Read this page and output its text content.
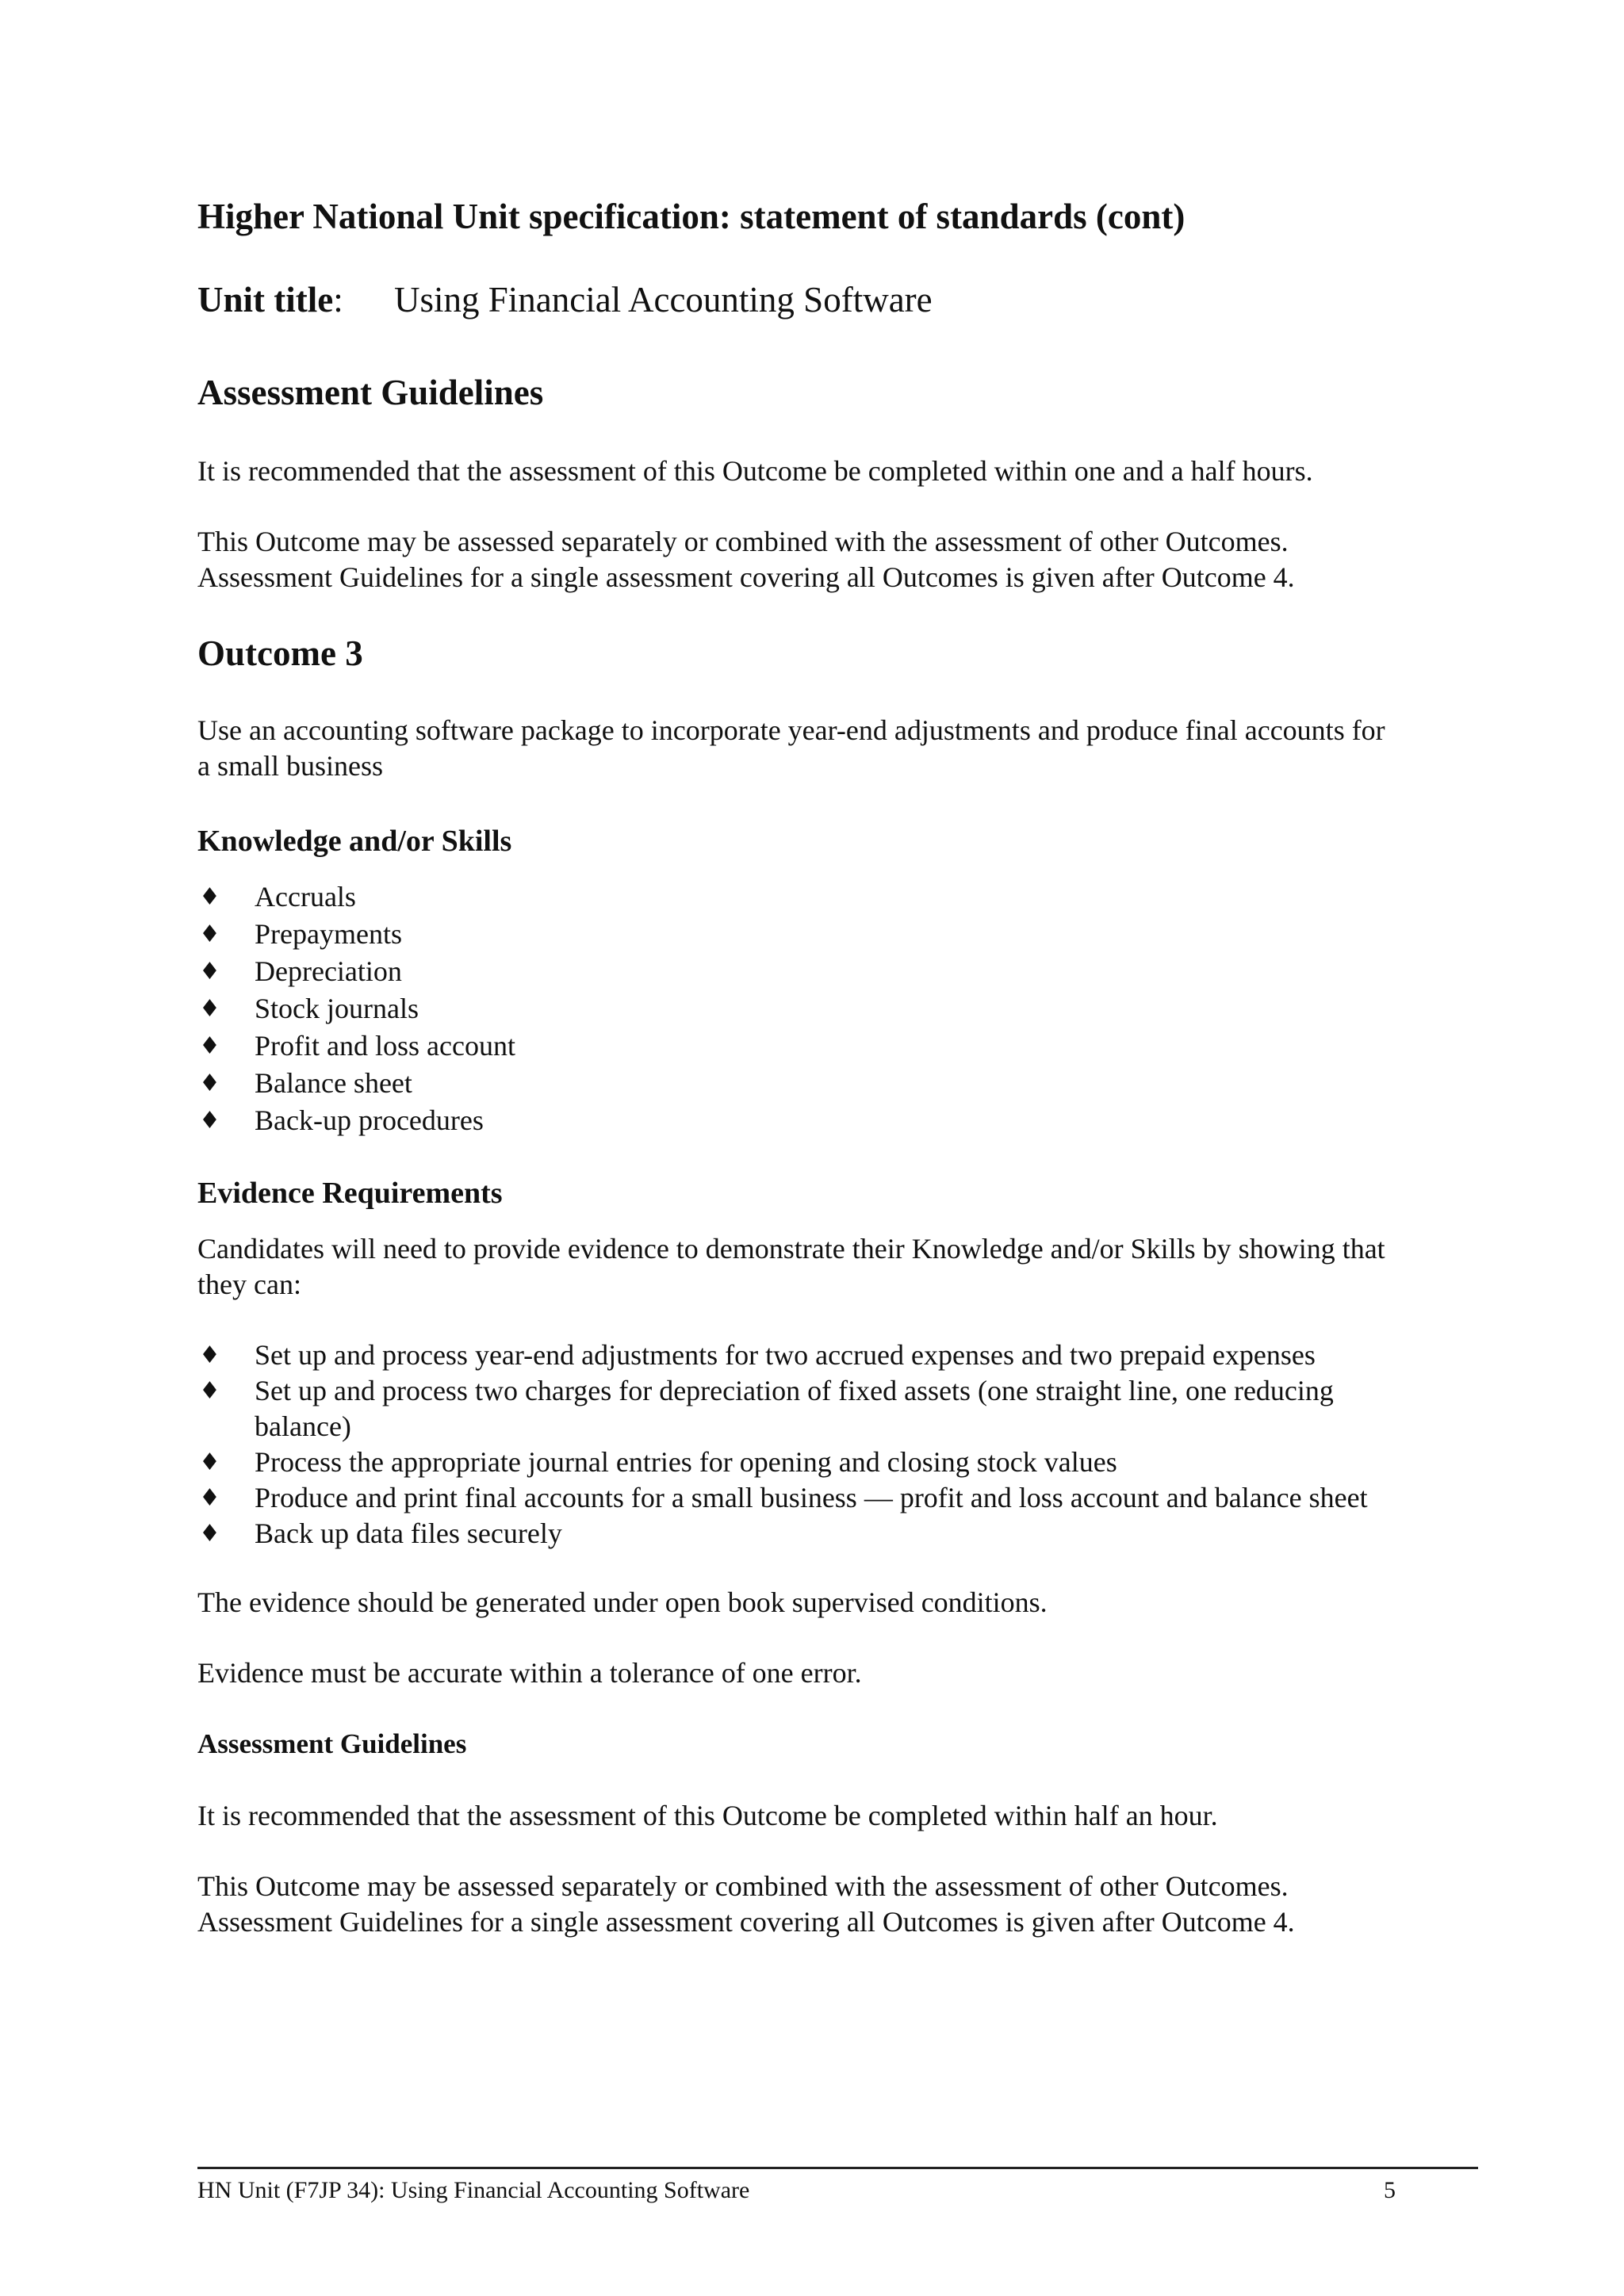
Higher National Unit specification: statement of standards (cont)
Unit title: Using Financial Accounting Software
Assessment Guidelines

It is recommended that the assessment of this Outcome be completed within one and a half hours.

This Outcome may be assessed separately or combined with the assessment of other Outcomes.
Assessment Guidelines for a single assessment covering all Outcomes is given after Outcome 4.

Outcome 3

Use an accounting software package to incorporate year-end adjustments and produce final accounts for
a small business

Knowledge and/or Skills
♦ Accruals
♦ Prepayments
♦ Depreciation
♦ Stock journals
♦ Profit and loss account
♦ Balance sheet
♦ Back-up procedures
Evidence Requirements

Candidates will need to provide evidence to demonstrate their Knowledge and/or Skills by showing that
they can:

♦ Set up and process year-end adjustments for two accrued expenses and two prepaid expenses
♦ Set up and process two charges for depreciation of fixed assets (one straight line, one reducing
balance)
♦ Process the appropriate journal entries for opening and closing stock values
♦ Produce and print final accounts for a small business — profit and loss account and balance sheet
♦ Back up data files securely

The evidence should be generated under open book supervised conditions.

Evidence must be accurate within a tolerance of one error.

Assessment Guidelines

It is recommended that the assessment of this Outcome be completed within half an hour.

This Outcome may be assessed separately or combined with the assessment of other Outcomes.
Assessment Guidelines for a single assessment covering all Outcomes is given after Outcome 4.

HN Unit (F7JP 34): Using Financial Accounting Software	5
